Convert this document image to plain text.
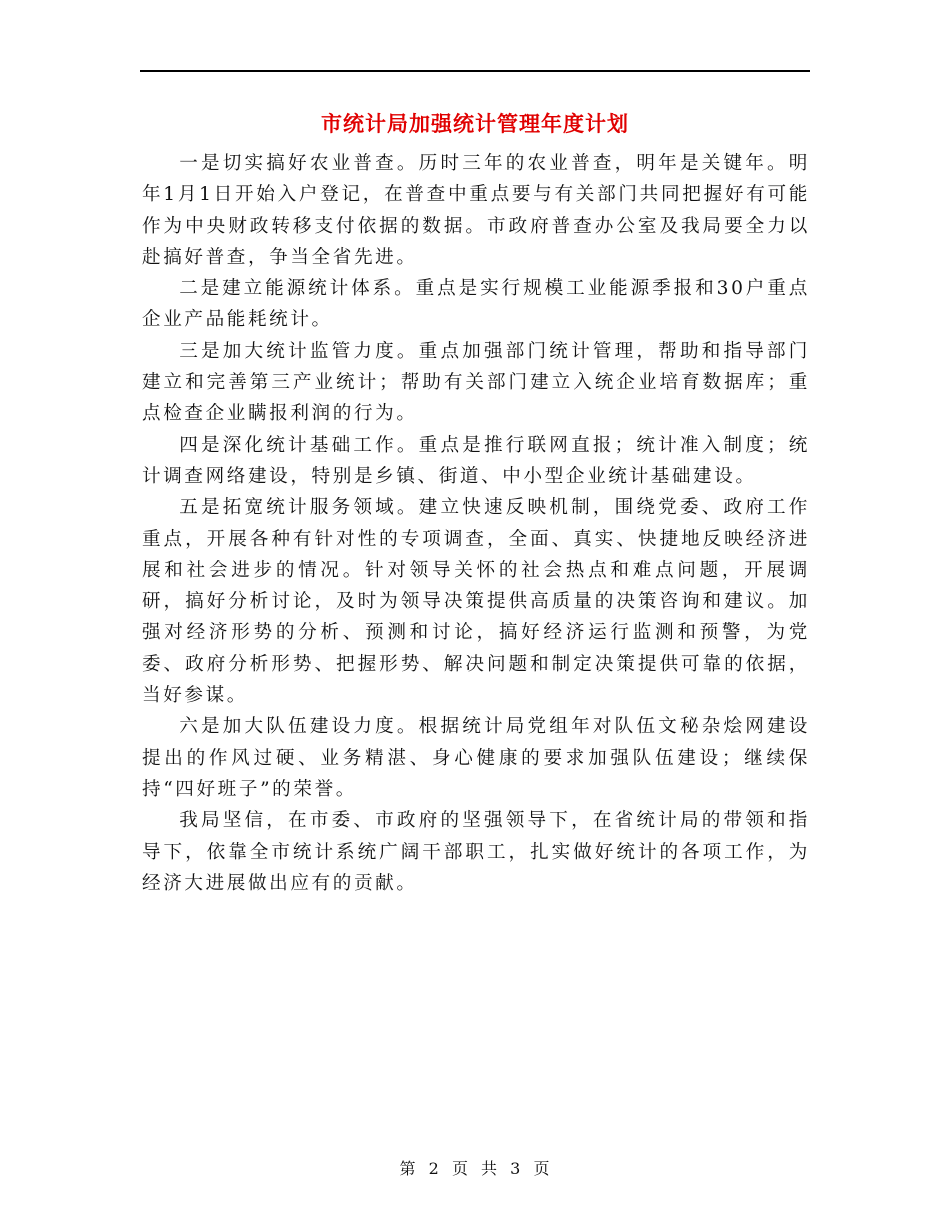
市统计局加强统计管理年度计划

一是切实搞好农业普查。历时三年的农业普查，明年是关键年。明年1月1日开始入户登记，在普查中重点要与有关部门共同把握好有可能作为中央财政转移支付依据的数据。市政府普查办公室及我局要全力以赴搞好普查，争当全省先进。

二是建立能源统计体系。重点是实行规模工业能源季报和30户重点企业产品能耗统计。

三是加大统计监管力度。重点加强部门统计管理，帮助和指导部门建立和完善第三产业统计；帮助有关部门建立入统企业培育数据库；重点检查企业瞒报利润的行为。

四是深化统计基础工作。重点是推行联网直报；统计准入制度；统计调查网络建设，特别是乡镇、街道、中小型企业统计基础建设。

五是拓宽统计服务领域。建立快速反映机制，围绕党委、政府工作重点，开展各种有针对性的专项调查，全面、真实、快捷地反映经济进展和社会进步的情况。针对领导关怀的社会热点和难点问题，开展调研，搞好分析讨论，及时为领导决策提供高质量的决策咨询和建议。加强对经济形势的分析、预测和讨论，搞好经济运行监测和预警，为党委、政府分析形势、把握形势、解决问题和制定决策提供可靠的依据，当好参谋。

六是加大队伍建设力度。根据统计局党组年对队伍文秘杂烩网建设提出的作风过硬、业务精湛、身心健康的要求加强队伍建设；继续保持“四好班子”的荣誉。

我局坚信，在市委、市政府的坚强领导下，在省统计局的带领和指导下，依靠全市统计系统广阔干部职工，扎实做好统计的各项工作，为经济大进展做出应有的贡献。

第 2 页 共 3 页
